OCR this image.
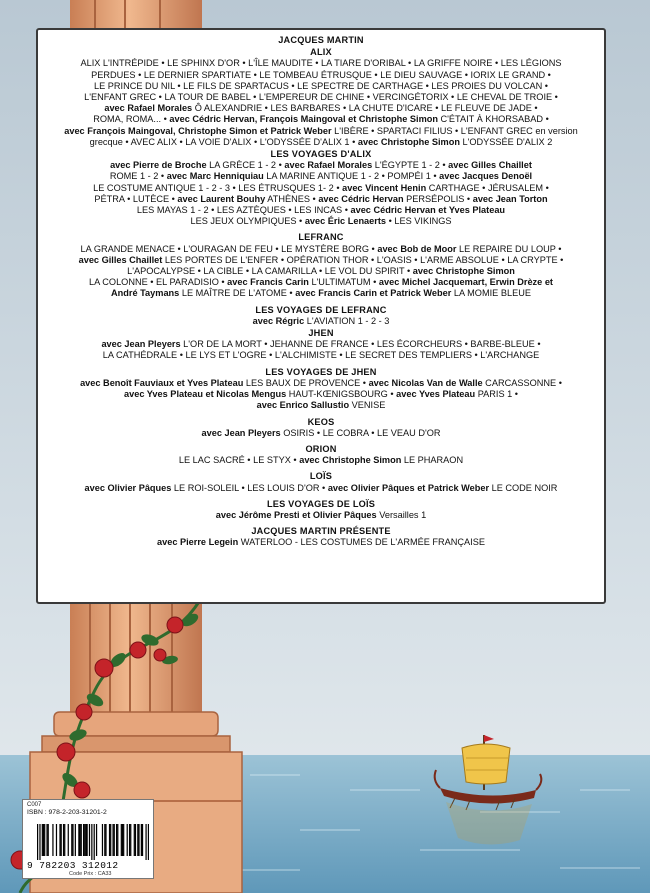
JACQUES MARTIN

ALIX

ALIX L'INTRÉPIDE • LE SPHINX D'OR • L'ÎLE MAUDITE • LA TIARE D'ORIBAL • LA GRIFFE NOIRE • LES LÉGIONS

PERDUES • LE DERNIER SPARTIATE • LE TOMBEAU ÉTRUSQUE • LE DIEU SAUVAGE • IORIX LE GRAND •

LE PRINCE DU NIL • LE FILS DE SPARTACUS • LE SPECTRE DE CARTHAGE • LES PROIES DU VOLCAN •

L'ENFANT GREC • LA TOUR DE BABEL • L'EMPEREUR DE CHINE • VERCINGÉTORIX • LE CHEVAL DE TROIE •

avec Rafael Morales Ô ALEXANDRIE • LES BARBARES • LA CHUTE D'ICARE • LE FLEUVE DE JADE •

ROMA, ROMA... • avec Cédric Hervan, François Maingoval et Christophe Simon C'ÉTAIT À KHORSABAD •

avec François Maingoval, Christophe Simon et Patrick Weber L'IBÈRE • SPARTACI FILIUS • L'ENFANT GREC en version

grecque • AVEC ALIX • LA VOIE D'ALIX • L'ODYSSÉE D'ALIX 1 • avec Christophe Simon L'ODYSSÉE D'ALIX 2

LES VOYAGES D'ALIX

avec Pierre de Broche LA GRÈCE 1 - 2 • avec Rafael Morales L'ÉGYPTE 1 - 2 • avec Gilles Chaillet

ROME 1 - 2 • avec Marc Henniquiau LA MARINE ANTIQUE 1 - 2 • POMPÉI 1 • avec Jacques Denoël

LE COSTUME ANTIQUE 1 - 2 - 3 • LES ÉTRUSQUES 1- 2 • avec Vincent Henin CARTHAGE • JÉRUSALEM •

PÉTRA • LUTÈCE • avec Laurent Bouhy ATHÈNES • avec Cédric Hervan PERSÉPOLIS • avec Jean Torton

LES MAYAS 1 - 2 • LES AZTÈQUES • LES INCAS • avec Cédric Hervan et Yves Plateau

LES JEUX OLYMPIQUES • avec Éric Lenaerts • LES VIKINGS

LEFRANC

LA GRANDE MENACE • L'OURAGAN DE FEU • LE MYSTÈRE BORG • avec Bob de Moor LE REPAIRE DU LOUP •

avec Gilles Chaillet LES PORTES DE L'ENFER • OPÉRATION THOR • L'OASIS • L'ARME ABSOLUE • LA CRYPTE •

L'APOCALYPSE • LA CIBLE • LA CAMARILLA • LE VOL DU SPIRIT • avec Christophe Simon

LA COLONNE • EL PARADISIO • avec Francis Carin L'ULTIMATUM • avec Michel Jacquemart, Erwin Drèze et

André Taymans LE MAÎTRE DE L'ATOME • avec Francis Carin et Patrick Weber LA MOMIE BLEUE

LES VOYAGES DE LEFRANC

avec Régric L'AVIATION 1 - 2 - 3

JHEN

avec Jean Pleyers L'OR DE LA MORT • JEHANNE DE FRANCE • LES ÉCORCHEURS • BARBE-BLEUE •

LA CATHÉDRALE • LE LYS ET L'OGRE • L'ALCHIMISTE • LE SECRET DES TEMPLIERS • L'ARCHANGE

LES VOYAGES DE JHEN

avec Benoît Fauviaux et Yves Plateau LES BAUX DE PROVENCE • avec Nicolas Van de Walle CARCASSONNE •

avec Yves Plateau et Nicolas Mengus HAUT-KŒNIGSBOURG • avec Yves Plateau PARIS 1 •

avec Enrico Sallustio VENISE

KEOS

avec Jean Pleyers OSIRIS • LE COBRA • LE VEAU D'OR

ORION

LE LAC SACRÉ • LE STYX • avec Christophe Simon LE PHARAON

LOÏS

avec Olivier Pâques LE ROI-SOLEIL • LES LOUIS D'OR • avec Olivier Pâques et Patrick Weber LE CODE NOIR

LES VOYAGES DE LOÏS

avec Jérôme Presti et Olivier Pâques Versailles 1

JACQUES MARTIN PRÉSENTE

avec Pierre Legein WATERLOO - LES COSTUMES DE L'ARMÉE FRANÇAISE

C007
ISBN : 978-2-203-31201-2
9 782203 312012
Code Prix : CA33
